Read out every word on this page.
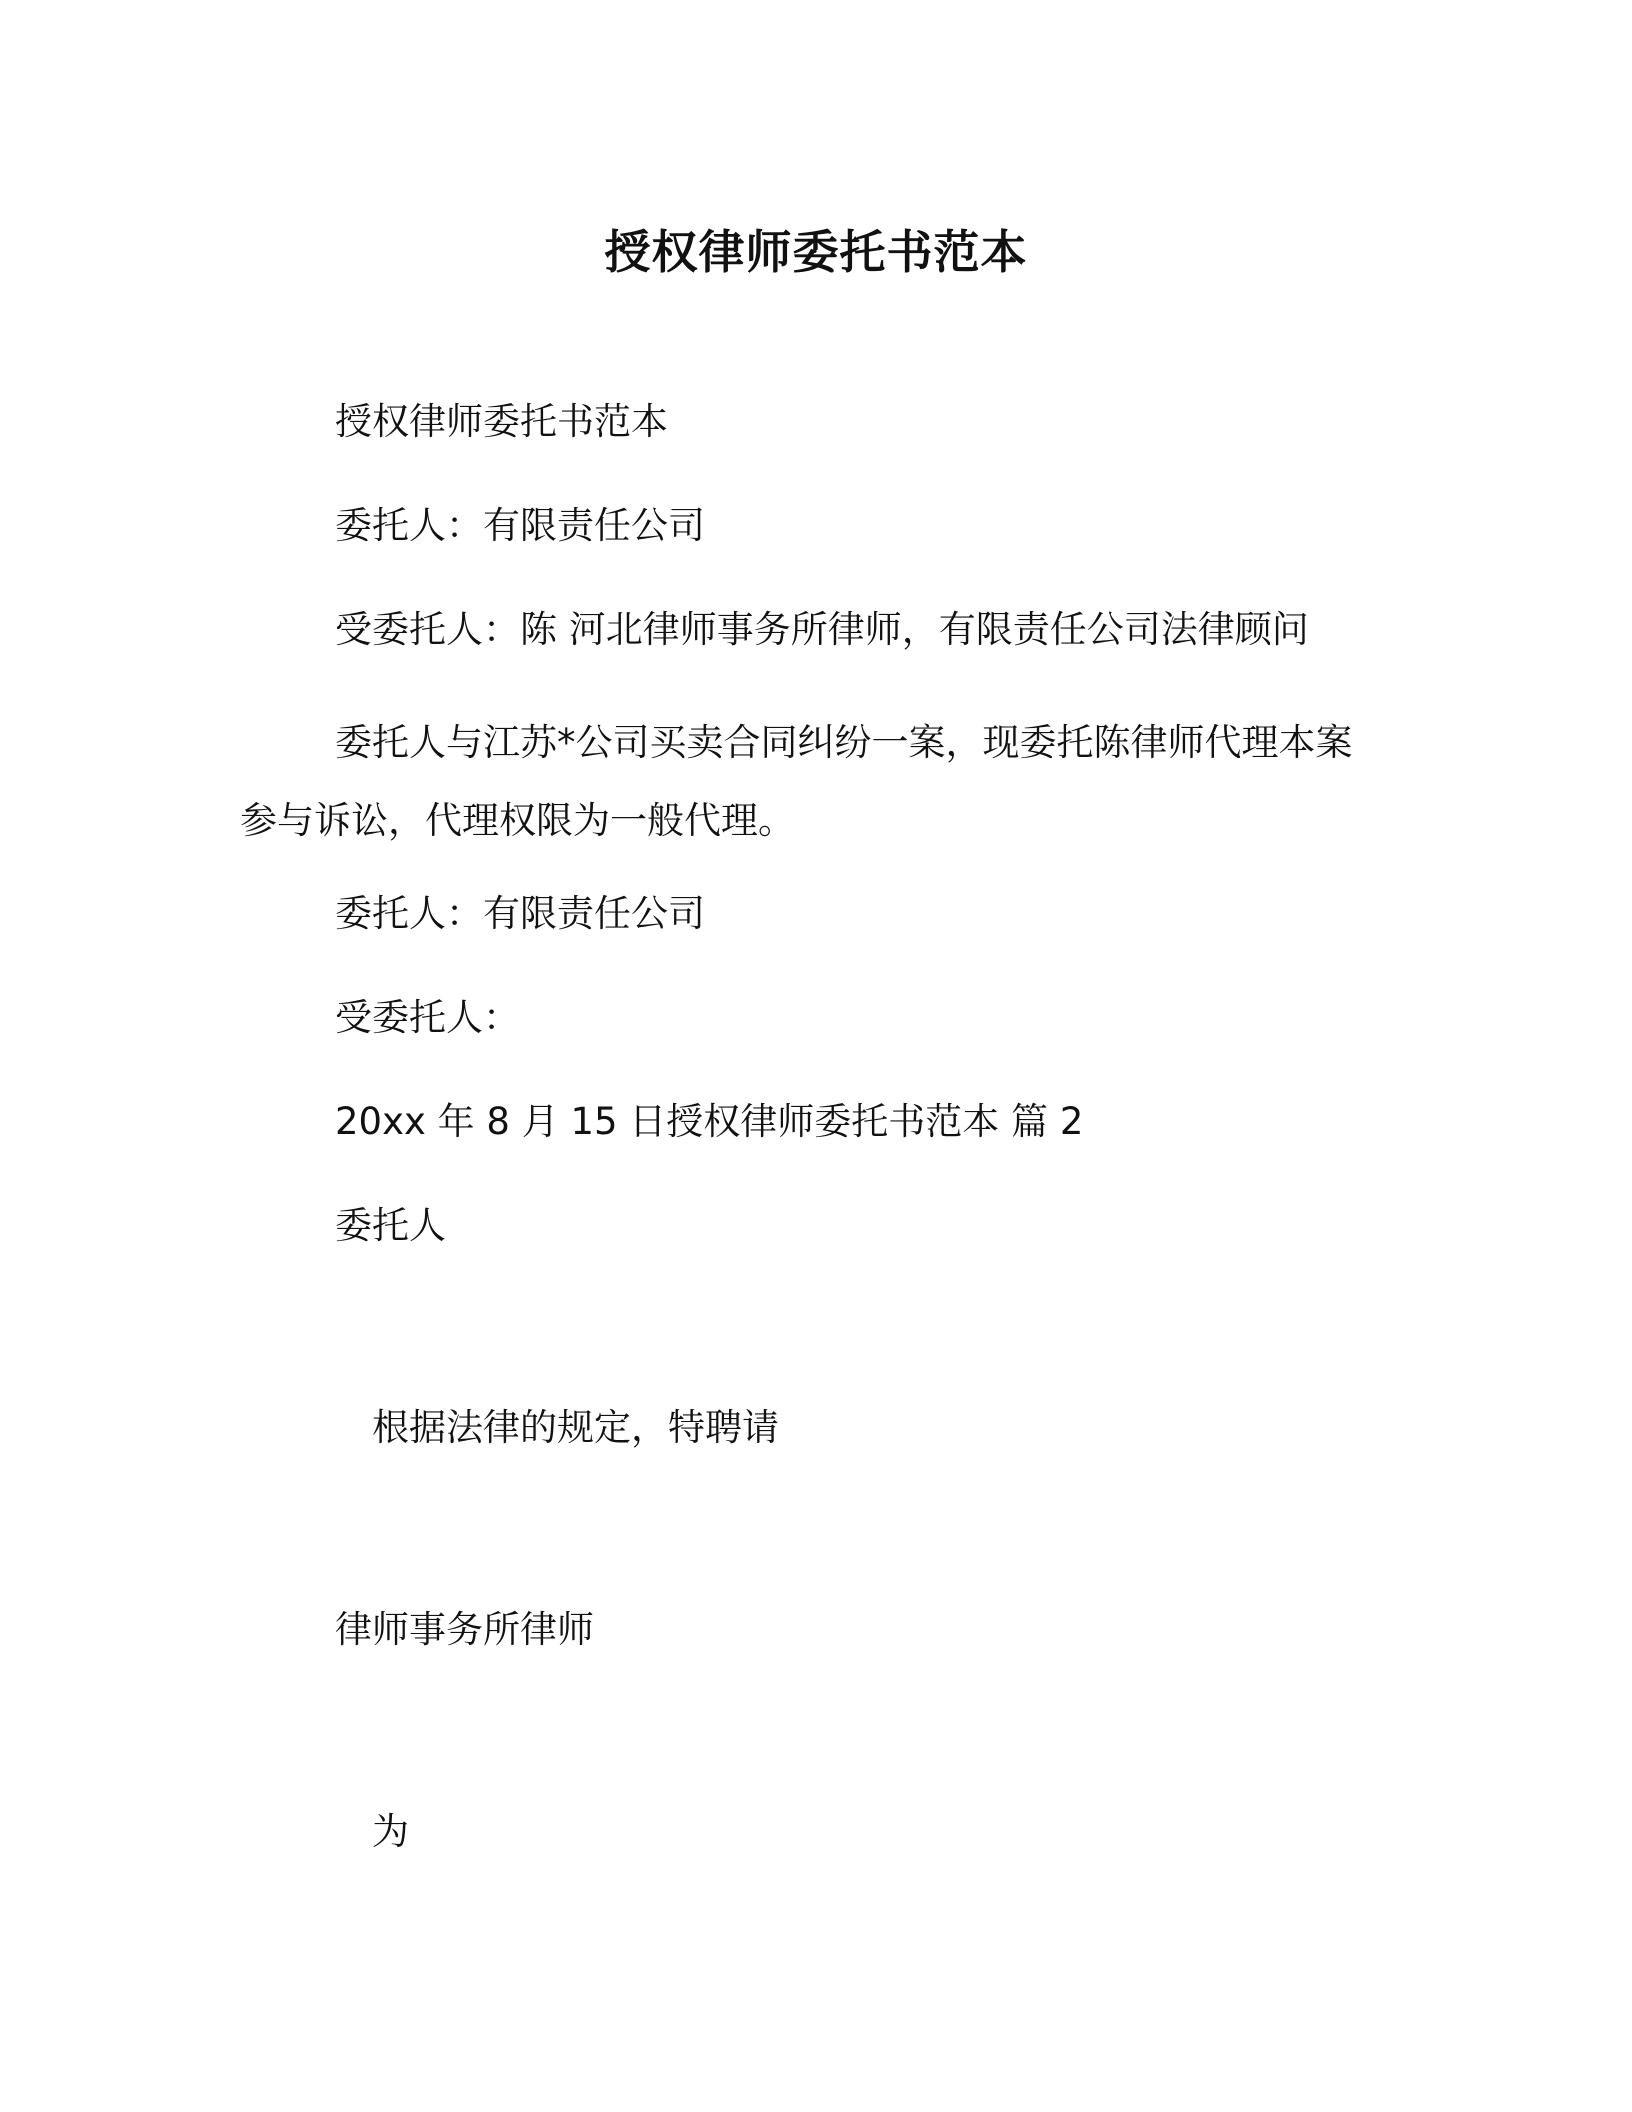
授权律师委托书范本
授权律师委托书范本
委托人：有限责任公司
受委托人：陈 河北律师事务所律师，有限责任公司法律顾问
委托人与江苏*公司买卖合同纠纷一案，现委托陈律师代理本案参与诉讼，代理权限为一般代理。
委托人：有限责任公司
受委托人：
20xx 年 8 月 15 日授权律师委托书范本 篇 2
委托人
根据法律的规定，特聘请
律师事务所律师
为
